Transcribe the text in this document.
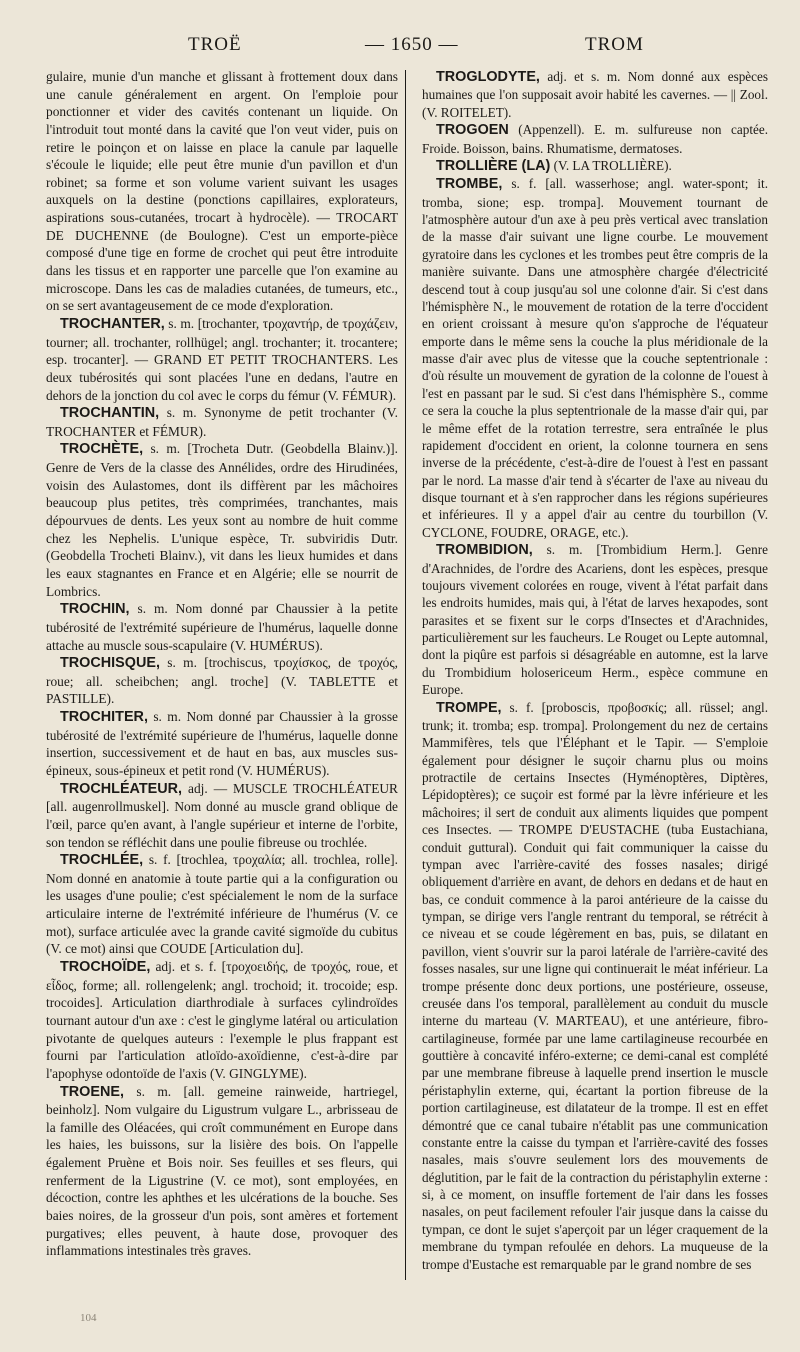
TROË	— 1650 —	TROM

gulaire, munie d'un manche et glissant à frottement doux dans une canule généralement en argent. On l'emploie pour ponctionner et vider des cavités contenant un liquide. On l'introduit tout monté dans la cavité que l'on veut vider, puis on retire le poinçon et on laisse en place la canule par laquelle s'écoule le liquide; elle peut être munie d'un pavillon et d'un robinet; sa forme et son volume varient suivant les usages auxquels on la destine (ponctions capillaires, explorateurs, aspirations sous-cutanées, trocart à hydrocèle). — TROCART DE DUCHENNE (de Boulogne). C'est un emporte-pièce composé d'une tige en forme de crochet qui peut être introduite dans les tissus et en rapporter une parcelle que l'on examine au microscope. Dans les cas de maladies cutanées, de tumeurs, etc., on se sert avantageusement de ce mode d'exploration.

TROCHANTER, s. m. [trochanter, τροχαντήρ, de τροχάζειν, tourner; all. trochanter, rollhügel; angl. trochanter; it. trocantere; esp. trocanter]. — GRAND ET PETIT TROCHANTERS. Les deux tubérosités qui sont placées l'une en dedans, l'autre en dehors de la jonction du col avec le corps du fémur (V. FÉMUR).

TROCHANTIN, s. m. Synonyme de petit trochanter (V. TROCHANTER et FÉMUR).

TROCHÈTE, s. m. [Trocheta Dutr. (Geobdella Blainv.)]. Genre de Vers de la classe des Annélides, ordre des Hirudinées, voisin des Aulastomes, dont ils diffèrent par les mâchoires beaucoup plus petites, très comprimées, tranchantes, mais dépourvues de dents. Les yeux sont au nombre de huit comme chez les Nephelis. L'unique espèce, Tr. subviridis Dutr. (Geobdella Trocheti Blainv.), vit dans les lieux humides et dans les eaux stagnantes en France et en Algérie; elle se nourrit de Lombrics.

TROCHIN, s. m. Nom donné par Chaussier à la petite tubérosité de l'extrémité supérieure de l'humérus, laquelle donne attache au muscle sous-scapulaire (V. HUMÉRUS).

TROCHISQUE, s. m. [trochiscus, τροχίσκος, de τροχός, roue; all. scheibchen; angl. troche] (V. TABLETTE et PASTILLE).

TROCHITER, s. m. Nom donné par Chaussier à la grosse tubérosité de l'extrémité supérieure de l'humérus, laquelle donne insertion, successivement et de haut en bas, aux muscles sus-épineux, sous-épineux et petit rond (V. HUMÉRUS).

TROCHLÉATEUR, adj. — MUSCLE TROCHLÉATEUR [all. augenrollmuskel]. Nom donné au muscle grand oblique de l'œil, parce qu'en avant, à l'angle supérieur et interne de l'orbite, son tendon se réfléchit dans une poulie fibreuse ou trochlée.

TROCHLÉE, s. f. [trochlea, τροχαλία; all. trochlea, rolle]. Nom donné en anatomie à toute partie qui a la configuration ou les usages d'une poulie; c'est spécialement le nom de la surface articulaire interne de l'extrémité inférieure de l'humérus (V. ce mot), surface articulée avec la grande cavité sigmoïde du cubitus (V. ce mot) ainsi que COUDE [Articulation du].

TROCHOÏDE, adj. et s. f. [τροχοειδής, de τροχός, roue, et εἶδος, forme; all. rollengelenk; angl. trochoid; it. trocoide; esp. trocoides]. Articulation diarthrodiale à surfaces cylindroïdes tournant autour d'un axe : c'est le ginglyme latéral ou articulation pivotante de quelques auteurs : l'exemple le plus frappant est fourni par l'articulation atloïdo-axoïdienne, c'est-à-dire par l'apophyse odontoïde de l'axis (V. GINGLYME).

TROENE, s. m. [all. gemeine rainweide, hartriegel, beinholz]. Nom vulgaire du Ligustrum vulgare L., arbrisseau de la famille des Oléacées, qui croît communément en Europe dans les haies, les buissons, sur la lisière des bois. On l'appelle également Pruène et Bois noir. Ses feuilles et ses fleurs, qui renferment de la Ligustrine (V. ce mot), sont employées, en décoction, contre les aphthes et les ulcérations de la bouche. Ses baies noires, de la grosseur d'un pois, sont amères et fortement purgatives; elles peuvent, à haute dose, provoquer des inflammations intestinales très graves.

TROGLODYTE, adj. et s. m. Nom donné aux espèces humaines que l'on supposait avoir habité les cavernes. — || Zool. (V. ROITELET).

TROGOEN (Appenzell). E. m. sulfureuse non captée. Froide. Boisson, bains. Rhumatisme, dermatoses.

TROLLIÈRE (LA) (V. LA TROLLIÈRE).

TROMBE, s. f. [all. wasserhose; angl. water-spont; it. tromba, sione; esp. trompa]. Mouvement tournant de l'atmosphère autour d'un axe à peu près vertical avec translation de la masse d'air suivant une ligne courbe. Le mouvement gyratoire dans les cyclones et les trombes peut être compris de la manière suivante. Dans une atmosphère chargée d'électricité descend tout à coup jusqu'au sol une colonne d'air. Si c'est dans l'hémisphère N., le mouvement de rotation de la terre d'occident en orient croissant à mesure qu'on s'approche de l'équateur emporte dans le même sens la couche la plus méridionale de la masse d'air avec plus de vitesse que la couche septentrionale : d'où résulte un mouvement de gyration de la colonne de l'ouest à l'est en passant par le sud. Si c'est dans l'hémisphère S., comme ce sera la couche la plus septentrionale de la masse d'air qui, par le même effet de la rotation terrestre, sera entraînée le plus rapidement d'occident en orient, la colonne tournera en sens inverse de la précédente, c'est-à-dire de l'ouest à l'est en passant par le nord. La masse d'air tend à s'écarter de l'axe au niveau du disque tournant et à s'en rapprocher dans les régions supérieures et inférieures. Il y a appel d'air au centre du tourbillon (V. CYCLONE, FOUDRE, ORAGE, etc.).

TROMBIDION, s. m. [Trombidium Herm.]. Genre d'Arachnides, de l'ordre des Acariens, dont les espèces, presque toujours vivement colorées en rouge, vivent à l'état parfait dans les endroits humides, mais qui, à l'état de larves hexapodes, sont parasites et se fixent sur le corps d'Insectes et d'Arachnides, particulièrement sur les faucheurs. Le Rouget ou Lepte automnal, dont la piqûre est parfois si désagréable en automne, est la larve du Trombidium holosericeum Herm., espèce commune en Europe.

TROMPE, s. f. [proboscis, προβοσκίς; all. rüssel; angl. trunk; it. tromba; esp. trompa]. Prolongement du nez de certains Mammifères, tels que l'Éléphant et le Tapir. — S'emploie également pour désigner le suçoir charnu plus ou moins protractile de certains Insectes (Hyménoptères, Diptères, Lépidoptères); ce suçoir est formé par la lèvre inférieure et les mâchoires; il sert de conduit aux aliments liquides que pompent ces Insectes. — TROMPE D'EUSTACHE (tuba Eustachiana, conduit guttural). Conduit qui fait communiquer la caisse du tympan avec l'arrière-cavité des fosses nasales; dirigé obliquement d'arrière en avant, de dehors en dedans et de haut en bas, ce conduit commence à la paroi antérieure de la caisse du tympan, se dirige vers l'angle rentrant du temporal, se rétrécit à ce niveau et se coude légèrement en bas, puis, se dilatant en pavillon, vient s'ouvrir sur la paroi latérale de l'arrière-cavité des fosses nasales, sur une ligne qui continuerait le méat inférieur. La trompe présente donc deux portions, une postérieure, osseuse, creusée dans l'os temporal, parallèlement au conduit du muscle interne du marteau (V. MARTEAU), et une antérieure, fibro-cartilagineuse, formée par une lame cartilagineuse recourbée en gouttière à concavité inféro-externe; ce demi-canal est complété par une membrane fibreuse à laquelle prend insertion le muscle péristaphylin externe, qui, écartant la portion fibreuse de la portion cartilagineuse, est dilatateur de la trompe. Il est en effet démontré que ce canal tubaire n'établit pas une communication constante entre la caisse du tympan et l'arrière-cavité des fosses nasales, mais s'ouvre seulement lors des mouvements de déglutition, par le fait de la contraction du péristaphylin externe : si, à ce moment, on insuffle fortement de l'air dans les fosses nasales, on peut facilement refouler l'air jusque dans la caisse du tympan, ce dont le sujet s'aperçoit par un léger craquement de la membrane du tympan refoulée en dehors. La muqueuse de la trompe d'Eustache est remarquable par le grand nombre de ses

104
